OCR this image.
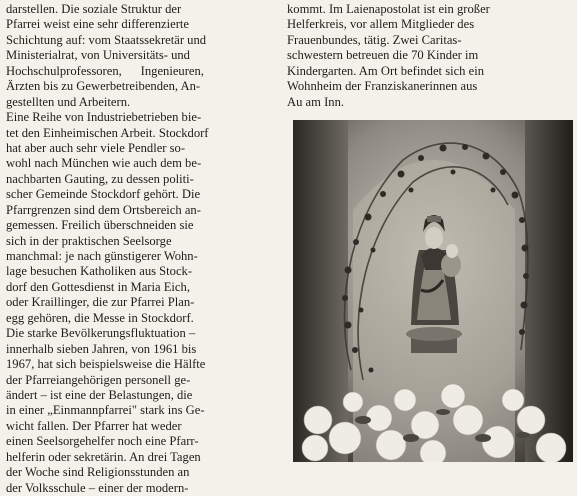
darstellen. Die soziale Struktur der
Pfarrei weist eine sehr differenzierte
Schichtung auf: vom Staatssekretär und
Ministerialrat, von Universitäts- und
Hochschulprofessoren,      Ingenieuren,
Ärzten bis zu Gewerbetreibenden, An-
gestellten und Arbeitern.
Eine Reihe von Industriebetrieben bie-
tet den Einheimischen Arbeit. Stockdorf
hat aber auch sehr viele Pendler so-
wohl nach München wie auch dem be-
nachbarten Gauting, zu dessen politi-
scher Gemeinde Stockdorf gehört. Die
Pfarrgrenzen sind dem Ortsbereich an-
gemessen. Freilich überschneiden sie
sich in der praktischen Seelsorge
manchmal: je nach günstigerer Wohn-
lage besuchen Katholiken aus Stock-
dorf den Gottesdienst in Maria Eich,
oder Kraillinger, die zur Pfarrei Plan-
egg gehören, die Messe in Stockdorf.
Die starke Bevölkerungsfluktuation –
innerhalb sieben Jahren, von 1961 bis
1967, hat sich beispielsweise die Hälfte
der Pfarreiangehörigen personell ge-
ändert – ist eine der Belastungen, die
in einer „Einmannpfarrei" stark ins Ge-
wicht fallen. Der Pfarrer hat weder
einen Seelsorgehelfer noch eine Pfarr-
helferin oder sekretärin. An drei Tagen
der Woche sind Religionsstunden an
der Volksschule – einer der modern-
kommt. Im Laienapostolat ist ein großer
Helferkreis, vor allem Mitglieder des
Frauenbundes, tätig. Zwei Caritas-
schwestern betreuen die 70 Kinder im
Kindergarten. Am Ort befindet sich ein
Wohnheim der Franziskanerinnen aus
Au am Inn.
